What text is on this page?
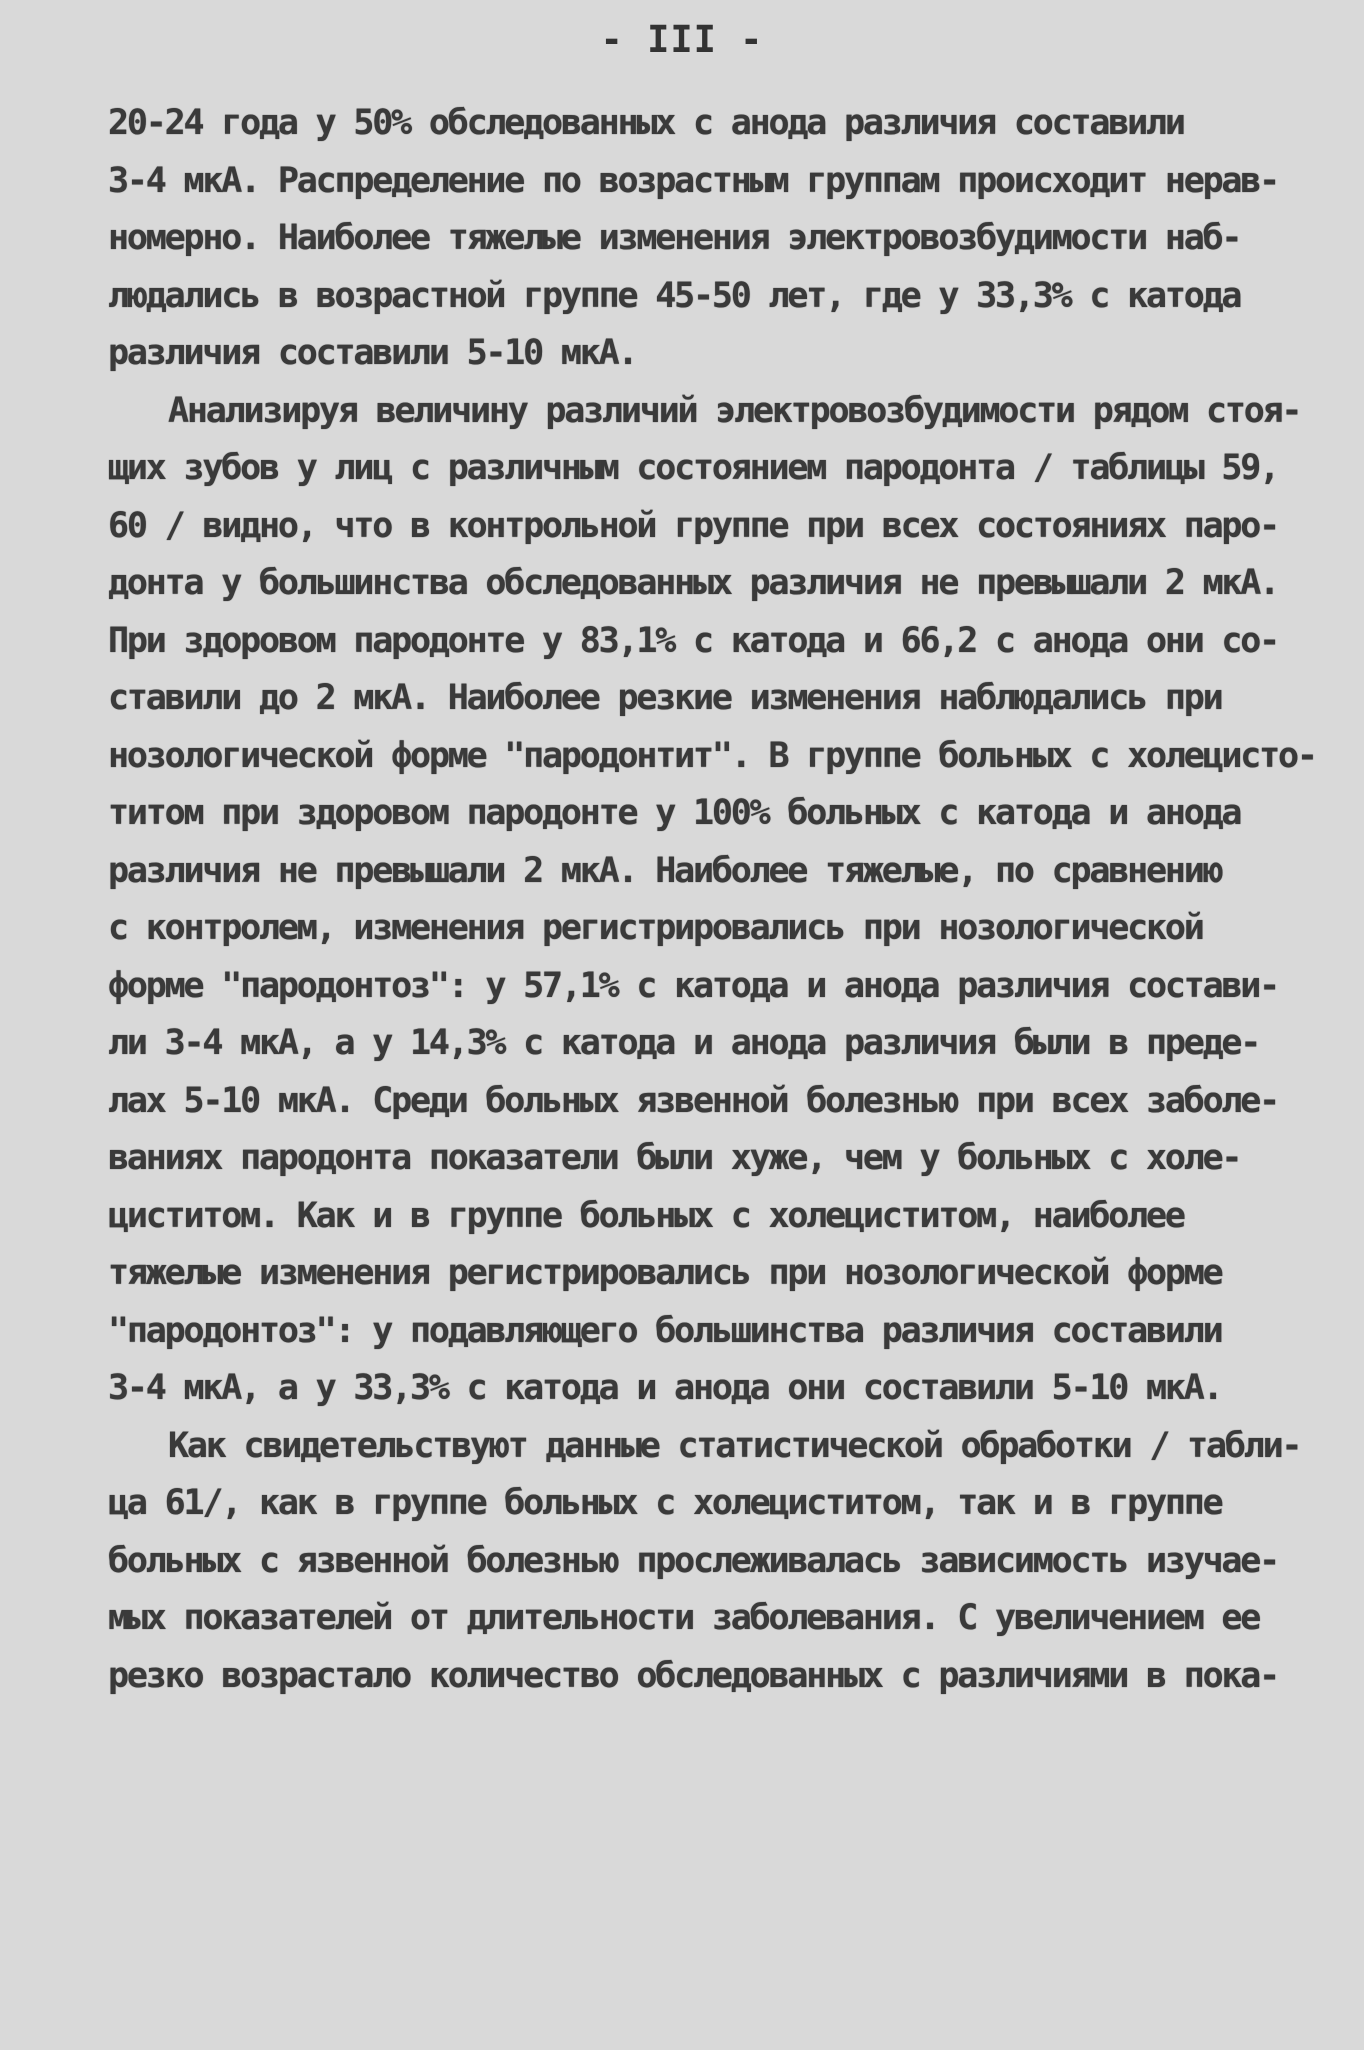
- III -
20-24 года у 50% обследованных с анода различия составили
3-4 мкА. Распределение по возрастным группам происходит нерав-
номерно. Наиболее тяжелые изменения электровозбудимости наб-
людались в возрастной группе 45-50 лет, где у 33,3% с катода
различия составили 5-10 мкА.
Анализируя величину различий электровозбудимости рядом стоя-
щих зубов у лиц с различным состоянием пародонта / таблицы 59,
60 / видно, что в контрольной группе при всех состояниях паро-
донта у большинства обследованных различия не превышали 2 мкА.
При здоровом пародонте у 83,1% с катода и 66,2 с анода они со-
ставили до 2 мкА. Наиболее резкие изменения наблюдались при
нозологической форме "пародонтит". В группе больных с холецисто-
титом при здоровом пародонте у 100% больных с катода и анода
различия не превышали 2 мкА. Наиболее тяжелые, по сравнению
с контролем, изменения регистрировались при нозологической
форме "пародонтоз": у 57,1% с катода и анода различия состави-
ли 3-4 мкА, а у 14,3% с катода и анода различия были в преде-
лах 5-10 мкА. Среди больных язвенной болезнью при всех заболе-
ваниях пародонта показатели были хуже, чем у больных с холе-
циститом. Как и в группе больных с холециститом, наиболее
тяжелые изменения регистрировались при нозологической форме
"пародонтоз": у подавляющего большинства различия составили
3-4 мкА, а у 33,3% с катода и анода они составили 5-10 мкА.
Как свидетельствуют данные статистической обработки / табли-
ца 61/, как в группе больных с холециститом, так и в группе
больных с язвенной болезнью прослеживалась зависимость изучае-
мых показателей от длительности заболевания. С увеличением ее
резко возрастало количество обследованных с различиями в пока-
